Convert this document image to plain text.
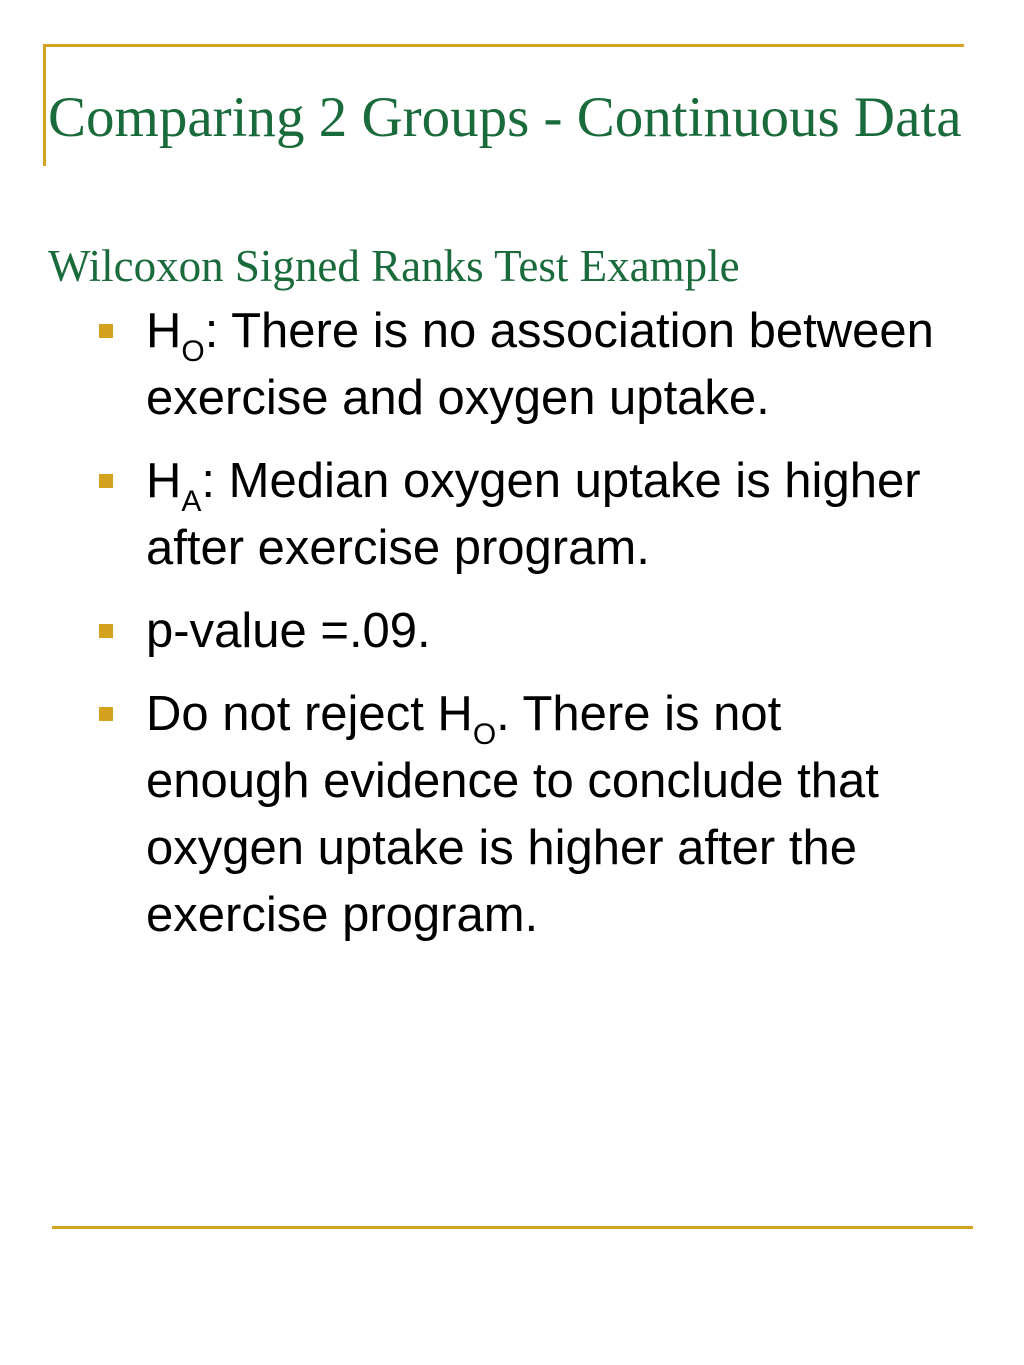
Comparing 2 Groups - Continuous Data
Wilcoxon Signed Ranks Test Example
$H_O$: There is no association between exercise and oxygen uptake.
$H_A$: Median oxygen uptake is higher after exercise program.
p-value =.09.
Do not reject $H_O$. There is not enough evidence to conclude that oxygen uptake is higher after the exercise program.
